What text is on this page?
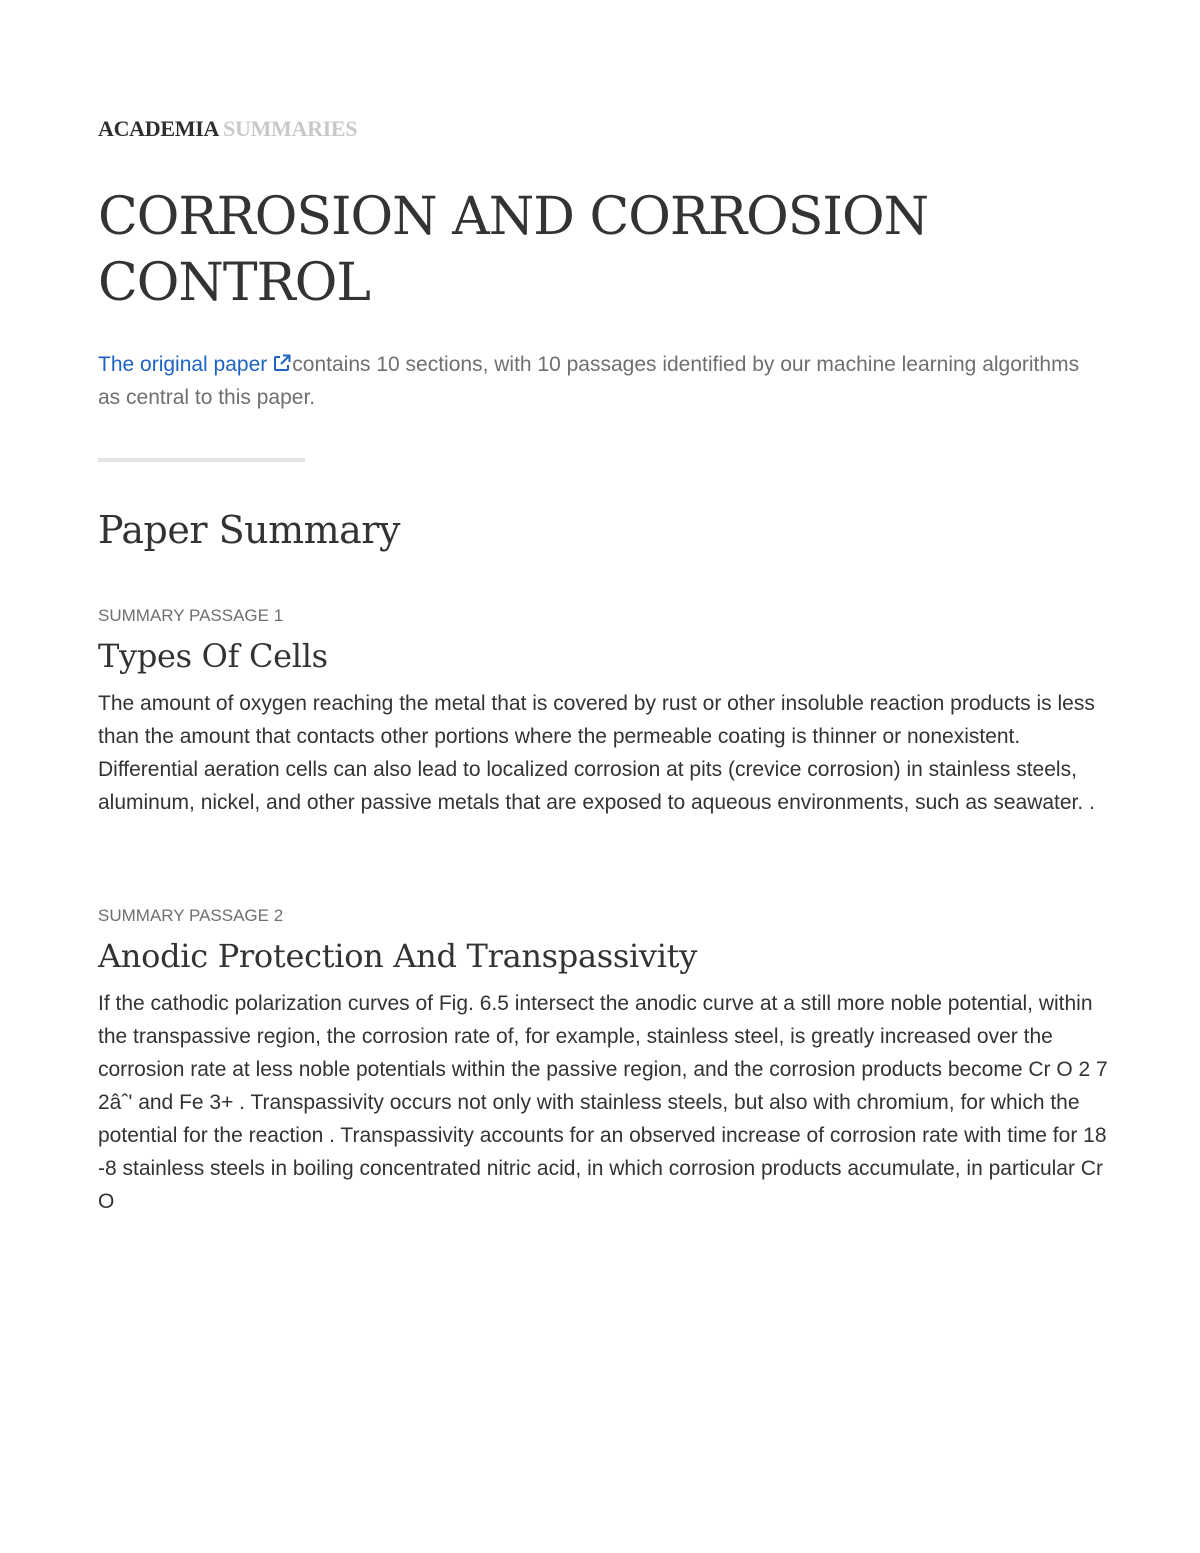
ACADEMIA SUMMARIES
CORROSION AND CORROSION CONTROL

The original paper contains 10 sections, with 10 passages identified by our machine learning algorithms as central to this paper.

Paper Summary

SUMMARY PASSAGE 1

Types Of Cells

The amount of oxygen reaching the metal that is covered by rust or other insoluble reaction products is less than the amount that contacts other portions where the permeable coating is thinner or nonexistent. Differential aeration cells can also lead to localized corrosion at pits (crevice corrosion) in stainless steels, aluminum, nickel, and other passive metals that are exposed to aqueous environments, such as seawater. .

SUMMARY PASSAGE 2

Anodic Protection And Transpassivity

If the cathodic polarization curves of Fig. 6.5 intersect the anodic curve at a still more noble potential, within the transpassive region, the corrosion rate of, for example, stainless steel, is greatly increased over the corrosion rate at less noble potentials within the passive region, and the corrosion products become Cr O 2 7 2âˆ' and Fe 3+ . Transpassivity occurs not only with stainless steels, but also with chromium, for which the potential for the reaction . Transpassivity accounts for an observed increase of corrosion rate with time for 18 -8 stainless steels in boiling concentrated nitric acid, in which corrosion products accumulate, in particular Cr O
